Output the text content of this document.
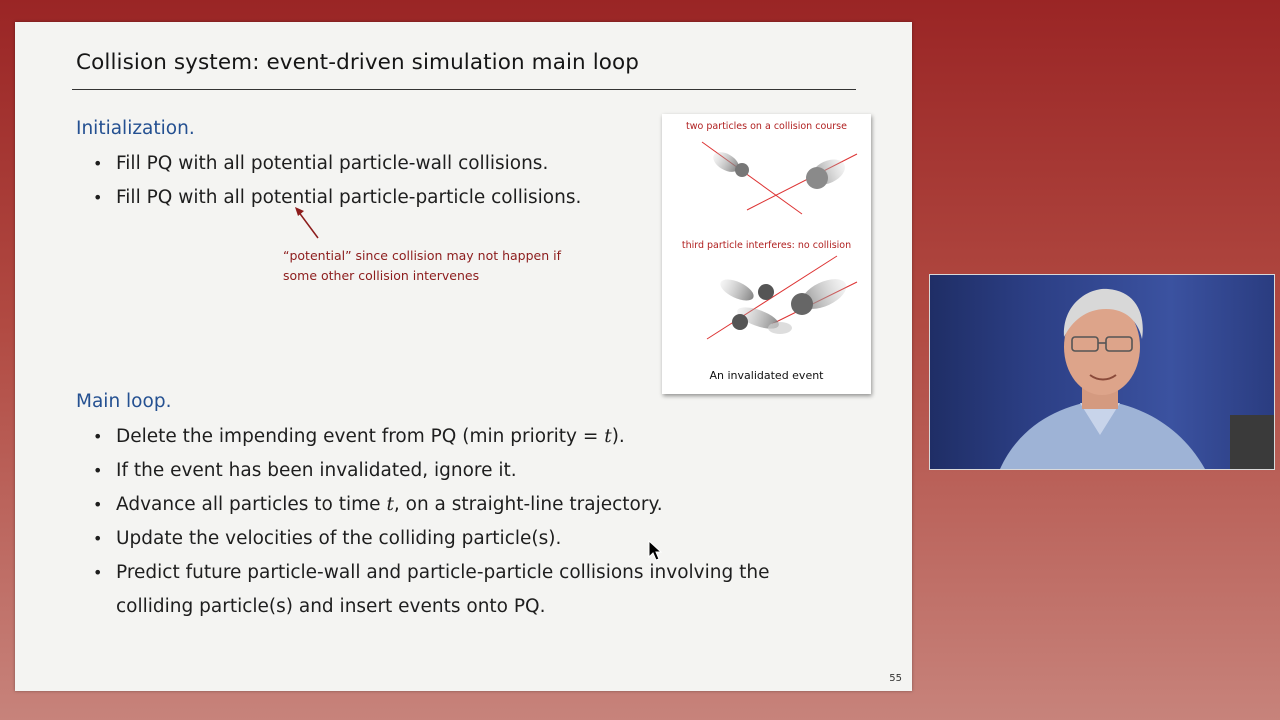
Collision system: event-driven simulation main loop
Initialization.
• Fill PQ with all potential particle-wall collisions.
• Fill PQ with all potential particle-particle collisions.
“potential” since collision may not happen if
some other collision intervenes
two particles on a collision course
third particle interferes: no collision
An invalidated event
Main loop.
• Delete the impending event from PQ (min priority = t).
• If the event has been invalidated, ignore it.
• Advance all particles to time t, on a straight-line trajectory.
• Update the velocities of the colliding particle(s).
• Predict future particle-wall and particle-particle collisions involving the
colliding particle(s) and insert events onto PQ.
55
